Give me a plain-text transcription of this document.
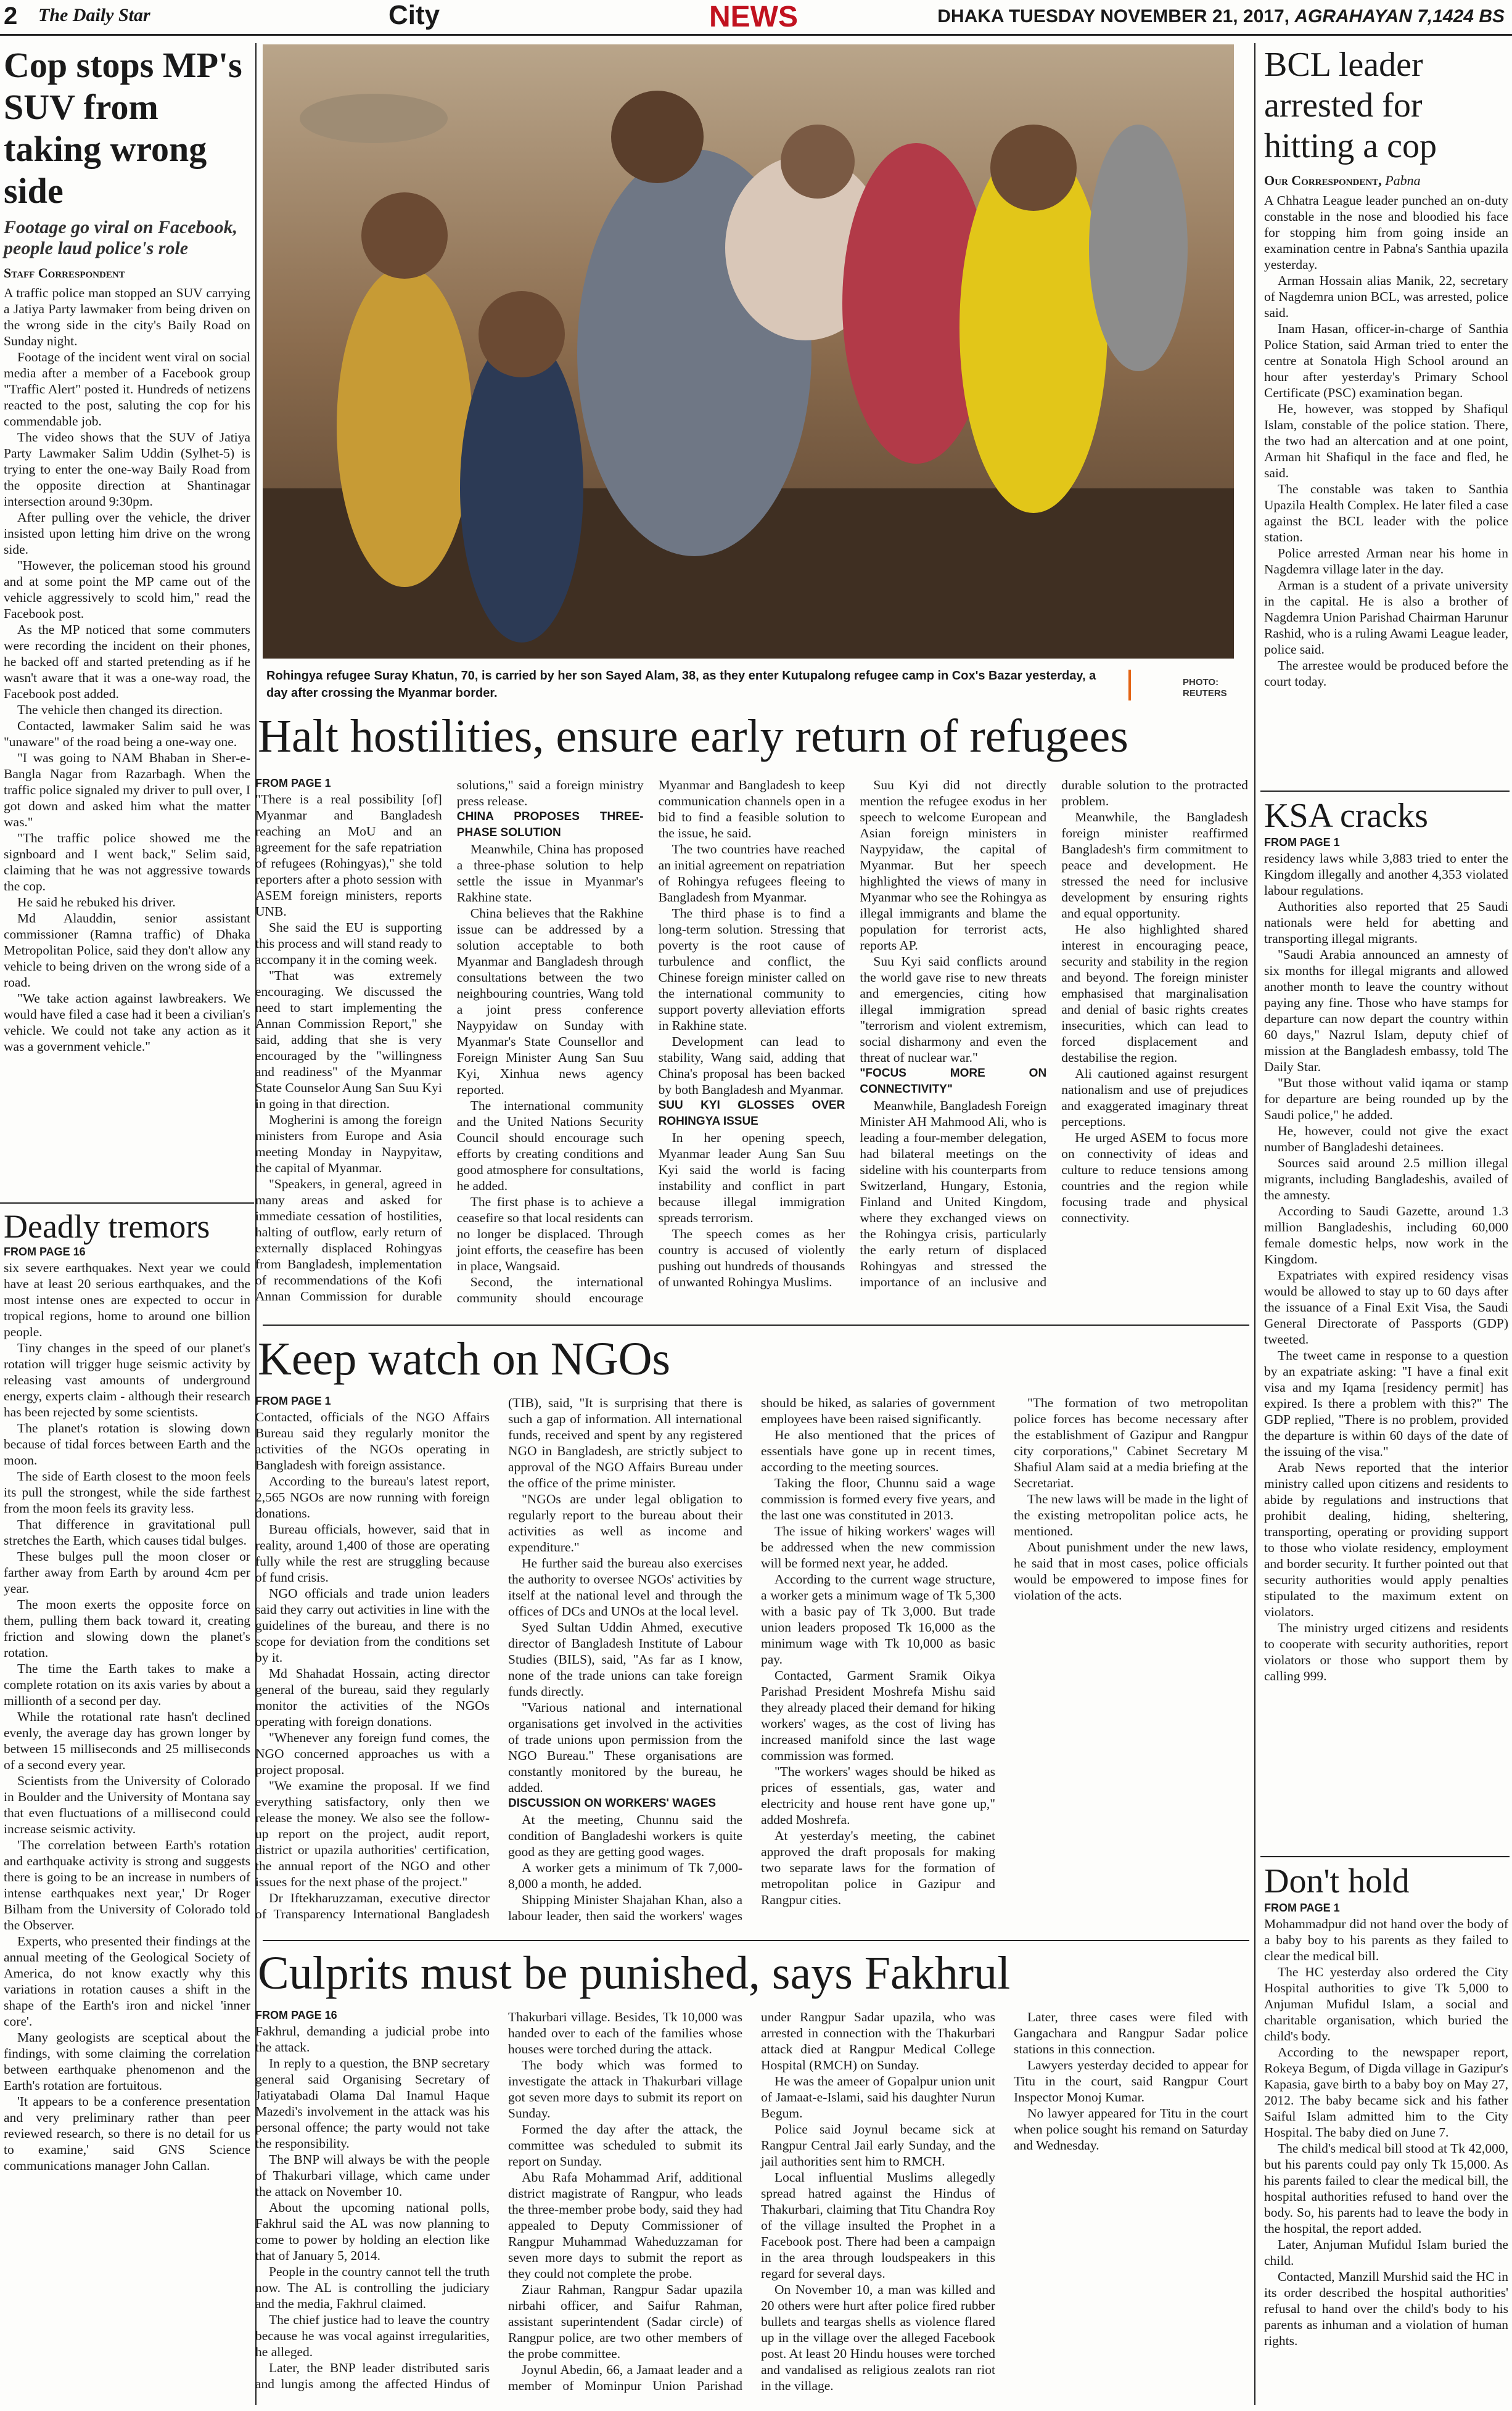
2 The Daily Star	City	NEWS	DHAKA TUESDAY NOVEMBER 21, 2017, AGRAHAYAN 7,1424 BS
Cop stops MP's SUV from taking wrong side
Footage go viral on Facebook, people laud police's role
Staff Correspondent

A traffic police man stopped an SUV carrying a Jatiya Party lawmaker from being driven on the wrong side in the city's Baily Road on Sunday night.

Footage of the incident went viral on social media after a member of a Facebook group "Traffic Alert" posted it. Hundreds of netizens reacted to the post, saluting the cop for his commendable job.

The video shows that the SUV of Jatiya Party Lawmaker Salim Uddin (Sylhet-5) is trying to enter the one-way Baily Road from the opposite direction at Shantinagar intersection around 9:30pm.

After pulling over the vehicle, the driver insisted upon letting him drive on the wrong side.

"However, the policeman stood his ground and at some point the MP came out of the vehicle aggressively to scold him," read the Facebook post.

As the MP noticed that some commuters were recording the incident on their phones, he backed off and started pretending as if he wasn't aware that it was a one-way road, the Facebook post added.

The vehicle then changed its direction.

Contacted, lawmaker Salim said he was "unaware" of the road being a one-way one.

"I was going to NAM Bhaban in Sher-e-Bangla Nagar from Razarbagh. When the traffic police signaled my driver to pull over, I got down and asked him what the matter was."

"The traffic police showed me the signboard and I went back," Selim said, claiming that he was not aggressive towards the cop.

He said he rebuked his driver.

Md Alauddin, senior assistant commissioner (Ramna traffic) of Dhaka Metropolitan Police, said they don't allow any vehicle to being driven on the wrong side of a road.

"We take action against lawbreakers. We would have filed a case had it been a civilian's vehicle. We could not take any action as it was a government vehicle."

Deadly tremors
FROM PAGE 16

six severe earthquakes. Next year we could have at least 20 serious earthquakes, and the most intense ones are expected to occur in tropical regions, home to around one billion people.

Tiny changes in the speed of our planet's rotation will trigger huge seismic activity by releasing vast amounts of underground energy, experts claim - although their research has been rejected by some scientists.

The planet's rotation is slowing down because of tidal forces between Earth and the moon.

The side of Earth closest to the moon feels its pull the strongest, while the side farthest from the moon feels its gravity less.

That difference in gravitational pull stretches the Earth, which causes tidal bulges.

These bulges pull the moon closer or farther away from Earth by around 4cm per year.

The moon exerts the opposite force on them, pulling them back toward it, creating friction and slowing down the planet's rotation.

The time the Earth takes to make a complete rotation on its axis varies by about a millionth of a second per day.

While the rotational rate hasn't declined evenly, the average day has grown longer by between 15 milliseconds and 25 milliseconds of a second every year.

Scientists from the University of Colorado in Boulder and the University of Montana say that even fluctuations of a millisecond could increase seismic activity.

'The correlation between Earth's rotation and earthquake activity is strong and suggests there is going to be an increase in numbers of intense earthquakes next year,' Dr Roger Bilham from the University of Colorado told the Observer.

Experts, who presented their findings at the annual meeting of the Geological Society of America, do not know exactly why this variations in rotation causes a shift in the shape of the Earth's iron and nickel 'inner core'.

Many geologists are sceptical about the findings, with some claiming the correlation between earthquake phenomenon and the Earth's rotation are fortuitous.

'It appears to be a conference presentation and very preliminary rather than peer reviewed research, so there is no detail for us to examine,' said GNS Science communications manager John Callan.

Rohingya refugee Suray Khatun, 70, is carried by her son Sayed Alam, 38, as they enter Kutupalong refugee camp in Cox's Bazar yesterday, a day after crossing the Myanmar border.
PHOTO: REUTERS
Halt hostilities, ensure early return of refugees
FROM PAGE 1

"There is a real possibility [of] Myanmar and Bangladesh reaching an MoU and an agreement for the safe repatriation of refugees (Rohingyas)," she told reporters after a photo session with ASEM foreign ministers, reports UNB.

She said the EU is supporting this process and will stand ready to accompany it in the coming week.

"That was extremely encouraging. We discussed the need to start implementing the Annan Commission Report," she said, adding that she is very encouraged by the "willingness and readiness" of the Myanmar State Counselor Aung San Suu Kyi in going in that direction.

Mogherini is among the foreign ministers from Europe and Asia meeting Monday in Naypyitaw, the capital of Myanmar.

"Speakers, in general, agreed in many areas and asked for immediate cessation of hostilities, halting of outflow, early return of externally displaced Rohingyas from Bangladesh, implementation of recommendations of the Kofi Annan Commission for durable solutions," said a foreign ministry press release.

CHINA PROPOSES THREE-PHASE SOLUTION

Meanwhile, China has proposed a three-phase solution to help settle the issue in Myanmar's Rakhine state.

China believes that the Rakhine issue can be addressed by a solution acceptable to both Myanmar and Bangladesh through consultations between the two neighbouring countries, Wang told a joint press conference Naypyidaw on Sunday with Myanmar's State Counsellor and Foreign Minister Aung San Suu Kyi, Xinhua news agency reported.

The international community and the United Nations Security Council should encourage such efforts by creating conditions and good atmosphere for consultations, he added.

The first phase is to achieve a ceasefire so that local residents can no longer be displaced. Through joint efforts, the ceasefire has been in place, Wangsaid.

Second, the international community should encourage Myanmar and Bangladesh to keep communication channels open in a bid to find a feasible solution to the issue, he said.

The two countries have reached an initial agreement on repatriation of Rohingya refugees fleeing to Bangladesh from Myanmar.

The third phase is to find a long-term solution. Stressing that poverty is the root cause of turbulence and conflict, the Chinese foreign minister called on the international community to support poverty alleviation efforts in Rakhine state.

Development can lead to stability, Wang said, adding that China's proposal has been backed by both Bangladesh and Myanmar.

SUU KYI GLOSSES OVER ROHINGYA ISSUE

In her opening speech, Myanmar leader Aung San Suu Kyi said the world is facing instability and conflict in part because illegal immigration spreads terrorism.

The speech comes as her country is accused of violently pushing out hundreds of thousands of unwanted Rohingya Muslims.

Suu Kyi did not directly mention the refugee exodus in her speech to welcome European and Asian foreign ministers in Naypyidaw, the capital of Myanmar. But her speech highlighted the views of many in Myanmar who see the Rohingya as illegal immigrants and blame the population for terrorist acts, reports AP.

Suu Kyi said conflicts around the world gave rise to new threats and emergencies, citing how illegal immigration spread "terrorism and violent extremism, social disharmony and even the threat of nuclear war."

"FOCUS MORE ON CONNECTIVITY"

Meanwhile, Bangladesh Foreign Minister AH Mahmood Ali, who is leading a four-member delegation, had bilateral meetings on the sideline with his counterparts from Switzerland, Hungary, Estonia, Finland and United Kingdom, where they exchanged views on the Rohingya crisis, particularly the early return of displaced Rohingyas and stressed the importance of an inclusive and durable solution to the protracted problem.

Meanwhile, the Bangladesh foreign minister reaffirmed Bangladesh's firm commitment to peace and development. He stressed the need for inclusive development by ensuring rights and equal opportunity.

He also highlighted shared interest in encouraging peace, security and stability in the region and beyond. The foreign minister emphasised that marginalisation and denial of basic rights creates insecurities, which can lead to forced displacement and destabilise the region.

Ali cautioned against resurgent nationalism and use of prejudices and exaggerated imaginary threat perceptions.

He urged ASEM to focus more on connectivity of ideas and culture to reduce tensions among countries and the region while focusing trade and physical connectivity.

Keep watch on NGOs
FROM PAGE 1

Contacted, officials of the NGO Affairs Bureau said they regularly monitor the activities of the NGOs operating in Bangladesh with foreign assistance.

According to the bureau's latest report, 2,565 NGOs are now running with foreign donations.

Bureau officials, however, said that in reality, around 1,400 of those are operating fully while the rest are struggling because of fund crisis.

NGO officials and trade union leaders said they carry out activities in line with the guidelines of the bureau, and there is no scope for deviation from the conditions set by it.

Md Shahadat Hossain, acting director general of the bureau, said they regularly monitor the activities of the NGOs operating with foreign donations.

"Whenever any foreign fund comes, the NGO concerned approaches us with a project proposal.

"We examine the proposal. If we find everything satisfactory, only then we release the money. We also see the follow-up report on the project, audit report, district or upazila authorities' certification, the annual report of the NGO and other issues for the next phase of the project."

Dr Iftekharuzzaman, executive director of Transparency International Bangladesh (TIB), said, "It is surprising that there is such a gap of information. All international funds, received and spent by any registered NGO in Bangladesh, are strictly subject to approval of the NGO Affairs Bureau under the office of the prime minister.

"NGOs are under legal obligation to regularly report to the bureau about their activities as well as income and expenditure."

He further said the bureau also exercises the authority to oversee NGOs' activities by itself at the national level and through the offices of DCs and UNOs at the local level.

Syed Sultan Uddin Ahmed, executive director of Bangladesh Institute of Labour Studies (BILS), said, "As far as I know, none of the trade unions can take foreign funds directly.

"Various national and international organisations get involved in the activities of trade unions upon permission from the NGO Bureau." These organisations are constantly monitored by the bureau, he added.

DISCUSSION ON WORKERS' WAGES

At the meeting, Chunnu said the condition of Bangladeshi workers is quite good as they are getting good wages.

A worker gets a minimum of Tk 7,000-8,000 a month, he added.

Shipping Minister Shajahan Khan, also a labour leader, then said the workers' wages should be hiked, as salaries of government employees have been raised significantly.

He also mentioned that the prices of essentials have gone up in recent times, according to the meeting sources.

Taking the floor, Chunnu said a wage commission is formed every five years, and the last one was constituted in 2013.

The issue of hiking workers' wages will be addressed when the new commission will be formed next year, he added.

According to the current wage structure, a worker gets a minimum wage of Tk 5,300 with a basic pay of Tk 3,000. But trade union leaders proposed Tk 16,000 as the minimum wage with Tk 10,000 as basic pay.

Contacted, Garment Sramik Oikya Parishad President Moshrefa Mishu said they already placed their demand for hiking workers' wages, as the cost of living has increased manifold since the last wage commission was formed.

"The workers' wages should be hiked as prices of essentials, gas, water and electricity and house rent have gone up," added Moshrefa.

At yesterday's meeting, the cabinet approved the draft proposals for making two separate laws for the formation of metropolitan police in Gazipur and Rangpur cities.

"The formation of two metropolitan police forces has become necessary after the establishment of Gazipur and Rangpur city corporations," Cabinet Secretary M Shafiul Alam said at a media briefing at the Secretariat.

The new laws will be made in the light of the existing metropolitan police acts, he mentioned.

About punishment under the new laws, he said that in most cases, police officials would be empowered to impose fines for violation of the acts.

Culprits must be punished, says Fakhrul
FROM PAGE 16

Fakhrul, demanding a judicial probe into the attack.

In reply to a question, the BNP secretary general said Organising Secretary of Jatiyatabadi Olama Dal Inamul Haque Mazedi's involvement in the attack was his personal offence; the party would not take the responsibility.

The BNP will always be with the people of Thakurbari village, which came under the attack on November 10.

About the upcoming national polls, Fakhrul said the AL was now planning to come to power by holding an election like that of January 5, 2014.

People in the country cannot tell the truth now. The AL is controlling the judiciary and the media, Fakhrul claimed.

The chief justice had to leave the country because he was vocal against irregularities, he alleged.

Later, the BNP leader distributed saris and lungis among the affected Hindus of Thakurbari village. Besides, Tk 10,000 was handed over to each of the families whose houses were torched during the attack.

The body which was formed to investigate the attack in Thakurbari village got seven more days to submit its report on Sunday.

Formed the day after the attack, the committee was scheduled to submit its report on Sunday.

Abu Rafa Mohammad Arif, additional district magistrate of Rangpur, who leads the three-member probe body, said they had appealed to Deputy Commissioner of Rangpur Muhammad Waheduzzaman for seven more days to submit the report as they could not complete the probe.

Ziaur Rahman, Rangpur Sadar upazila nirbahi officer, and Saifur Rahman, assistant superintendent (Sadar circle) of Rangpur police, are two other members of the probe committee.

Joynul Abedin, 66, a Jamaat leader and a member of Mominpur Union Parishad under Rangpur Sadar upazila, who was arrested in connection with the Thakurbari attack died at Rangpur Medical College Hospital (RMCH) on Sunday.

He was the ameer of Gopalpur union unit of Jamaat-e-Islami, said his daughter Nurun Begum.

Police said Joynul became sick at Rangpur Central Jail early Sunday, and the jail authorities sent him to RMCH.

Local influential Muslims allegedly spread hatred against the Hindus of Thakurbari, claiming that Titu Chandra Roy of the village insulted the Prophet in a Facebook post. There had been a campaign in the area through loudspeakers in this regard for several days.

On November 10, a man was killed and 20 others were hurt after police fired rubber bullets and teargas shells as violence flared up in the village over the alleged Facebook post. At least 20 Hindu houses were torched and vandalised as religious zealots ran riot in the village.

Later, three cases were filed with Gangachara and Rangpur Sadar police stations in this connection.

Lawyers yesterday decided to appear for Titu in the court, said Rangpur Court Inspector Monoj Kumar.

No lawyer appeared for Titu in the court when police sought his remand on Saturday and Wednesday.

BCL leader arrested for hitting a cop
Our Correspondent, Pabna

A Chhatra League leader punched an on-duty constable in the nose and bloodied his face for stopping him from going inside an examination centre in Pabna's Santhia upazila yesterday.

Arman Hossain alias Manik, 22, secretary of Nagdemra union BCL, was arrested, police said.

Inam Hasan, officer-in-charge of Santhia Police Station, said Arman tried to enter the centre at Sonatola High School around an hour after yesterday's Primary School Certificate (PSC) examination began.

He, however, was stopped by Shafiqul Islam, constable of the police station. There, the two had an altercation and at one point, Arman hit Shafiqul in the face and fled, he said.

The constable was taken to Santhia Upazila Health Complex. He later filed a case against the BCL leader with the police station.

Police arrested Arman near his home in Nagdemra village later in the day.

Arman is a student of a private university in the capital. He is also a brother of Nagdemra Union Parishad Chairman Harunur Rashid, who is a ruling Awami League leader, police said.

The arrestee would be produced before the court today.

KSA cracks
FROM PAGE 1

residency laws while 3,883 tried to enter the Kingdom illegally and another 4,353 violated labour regulations.

Authorities also reported that 25 Saudi nationals were held for abetting and transporting illegal migrants.

"Saudi Arabia announced an amnesty of six months for illegal migrants and allowed another month to leave the country without paying any fine. Those who have stamps for departure can now depart the country within 60 days," Nazrul Islam, deputy chief of mission at the Bangladesh embassy, told The Daily Star.

"But those without valid iqama or stamp for departure are being rounded up by the Saudi police," he added.

He, however, could not give the exact number of Bangladeshi detainees.

Sources said around 2.5 million illegal migrants, including Bangladeshis, availed of the amnesty.

According to Saudi Gazette, around 1.3 million Bangladeshis, including 60,000 female domestic helps, now work in the Kingdom.

Expatriates with expired residency visas would be allowed to stay up to 60 days after the issuance of a Final Exit Visa, the Saudi General Directorate of Passports (GDP) tweeted.

The tweet came in response to a question by an expatriate asking: "I have a final exit visa and my Iqama [residency permit] has expired. Is there a problem with this?" The GDP replied, "There is no problem, provided the departure is within 60 days of the date of the issuing of the visa."

Arab News reported that the interior ministry called upon citizens and residents to abide by regulations and instructions that prohibit dealing, hiding, sheltering, transporting, operating or providing support to those who violate residency, employment and border security. It further pointed out that security authorities would apply penalties stipulated to the maximum extent on violators.

The ministry urged citizens and residents to cooperate with security authorities, report violators or those who support them by calling 999.

Don't hold
FROM PAGE 1

Mohammadpur did not hand over the body of a baby boy to his parents as they failed to clear the medical bill.

The HC yesterday also ordered the City Hospital authorities to give Tk 5,000 to Anjuman Mufidul Islam, a social and charitable organisation, which buried the child's body.

According to the newspaper report, Rokeya Begum, of Digda village in Gazipur's Kapasia, gave birth to a baby boy on May 27, 2012. The baby became sick and his father Saiful Islam admitted him to the City Hospital. The baby died on June 7.

The child's medical bill stood at Tk 42,000, but his parents could pay only Tk 15,000. As his parents failed to clear the medical bill, the hospital authorities refused to hand over the body. So, his parents had to leave the body in the hospital, the report added.

Later, Anjuman Mufidul Islam buried the child.

Contacted, Manzill Murshid said the HC in its order described the hospital authorities' refusal to hand over the child's body to his parents as inhuman and a violation of human rights.
